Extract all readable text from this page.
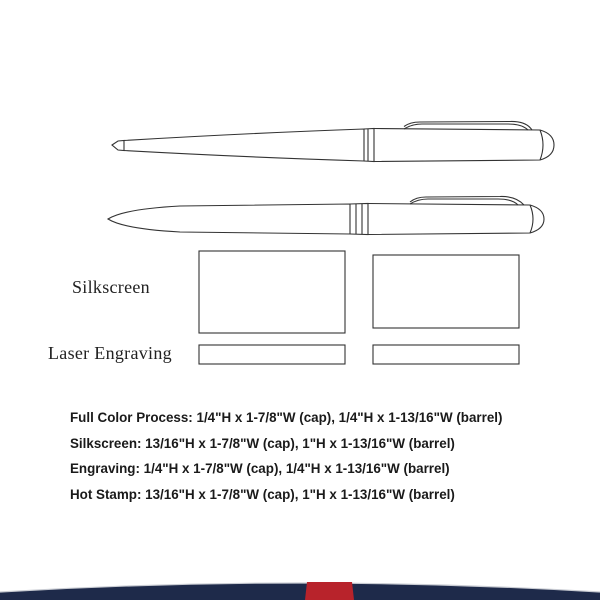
Silkscreen
Laser Engraving
Full Color Process: 1/4"H x 1-7/8"W (cap), 1/4"H x 1-13/16"W (barrel)
Silkscreen: 13/16"H x 1-7/8"W (cap), 1"H x 1-13/16"W (barrel)
Engraving: 1/4"H x 1-7/8"W (cap), 1/4"H x 1-13/16"W (barrel)
Hot Stamp: 13/16"H x 1-7/8"W (cap), 1"H x 1-13/16"W (barrel)
